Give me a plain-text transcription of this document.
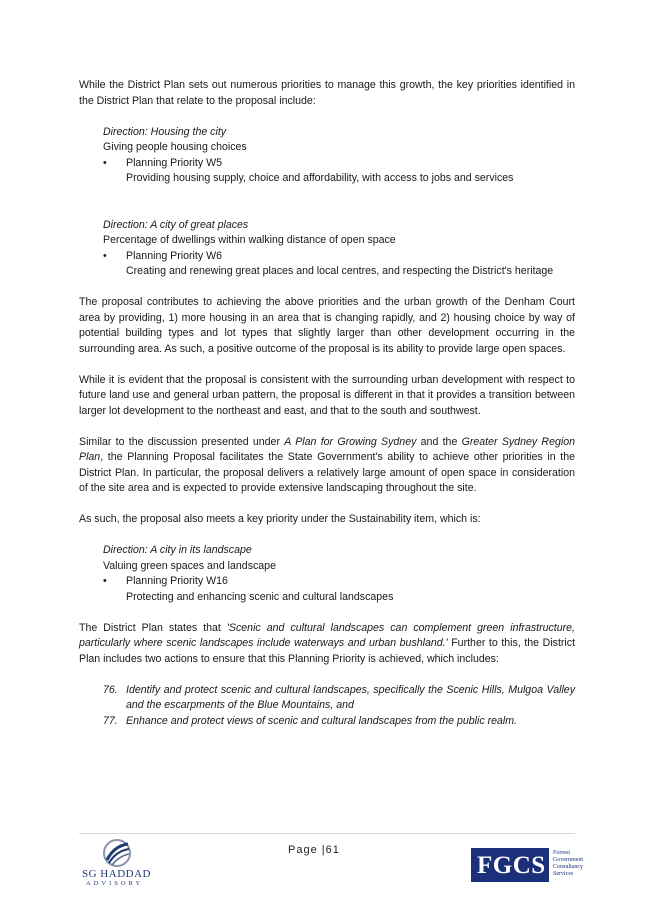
While the District Plan sets out numerous priorities to manage this growth, the key priorities identified in the District Plan that relate to the proposal include:

Direction: Housing the city

Giving people housing choices

• Planning Priority W5

Providing housing supply, choice and affordability, with access to jobs and services

Direction: A city of great places

Percentage of dwellings within walking distance of open space

• Planning Priority W6

Creating and renewing great places and local centres, and respecting the District's heritage

The proposal contributes to achieving the above priorities and the urban growth of the Denham Court area by providing, 1) more housing in an area that is changing rapidly, and 2) housing choice by way of potential building types and lot types that slightly larger than other development occurring in the surrounding area. As such, a positive outcome of the proposal is its ability to provide large open spaces.

While it is evident that the proposal is consistent with the surrounding urban development with respect to future land use and general urban pattern, the proposal is different in that it provides a transition between larger lot development to the northeast and east, and that to the south and southwest.

Similar to the discussion presented under A Plan for Growing Sydney and the Greater Sydney Region Plan, the Planning Proposal facilitates the State Government's ability to achieve other priorities in the District Plan. In particular, the proposal delivers a relatively large amount of open space in consideration of the site area and is expected to provide extensive landscaping throughout the site.

As such, the proposal also meets a key priority under the Sustainability item, which is:

Direction: A city in its landscape

Valuing green spaces and landscape

• Planning Priority W16

Protecting and enhancing scenic and cultural landscapes

The District Plan states that 'Scenic and cultural landscapes can complement green infrastructure, particularly where scenic landscapes include waterways and urban bushland.' Further to this, the District Plan includes two actions to ensure that this Planning Priority is achieved, which includes:

76. Identify and protect scenic and cultural landscapes, specifically the Scenic Hills, Mulgoa Valley and the escarpments of the Blue Mountains, and

77. Enhance and protect views of scenic and cultural landscapes from the public realm.

SG HADDAD
ADVISORY
Page |61
FGCS Forrest
Government
Consultancy
Services
